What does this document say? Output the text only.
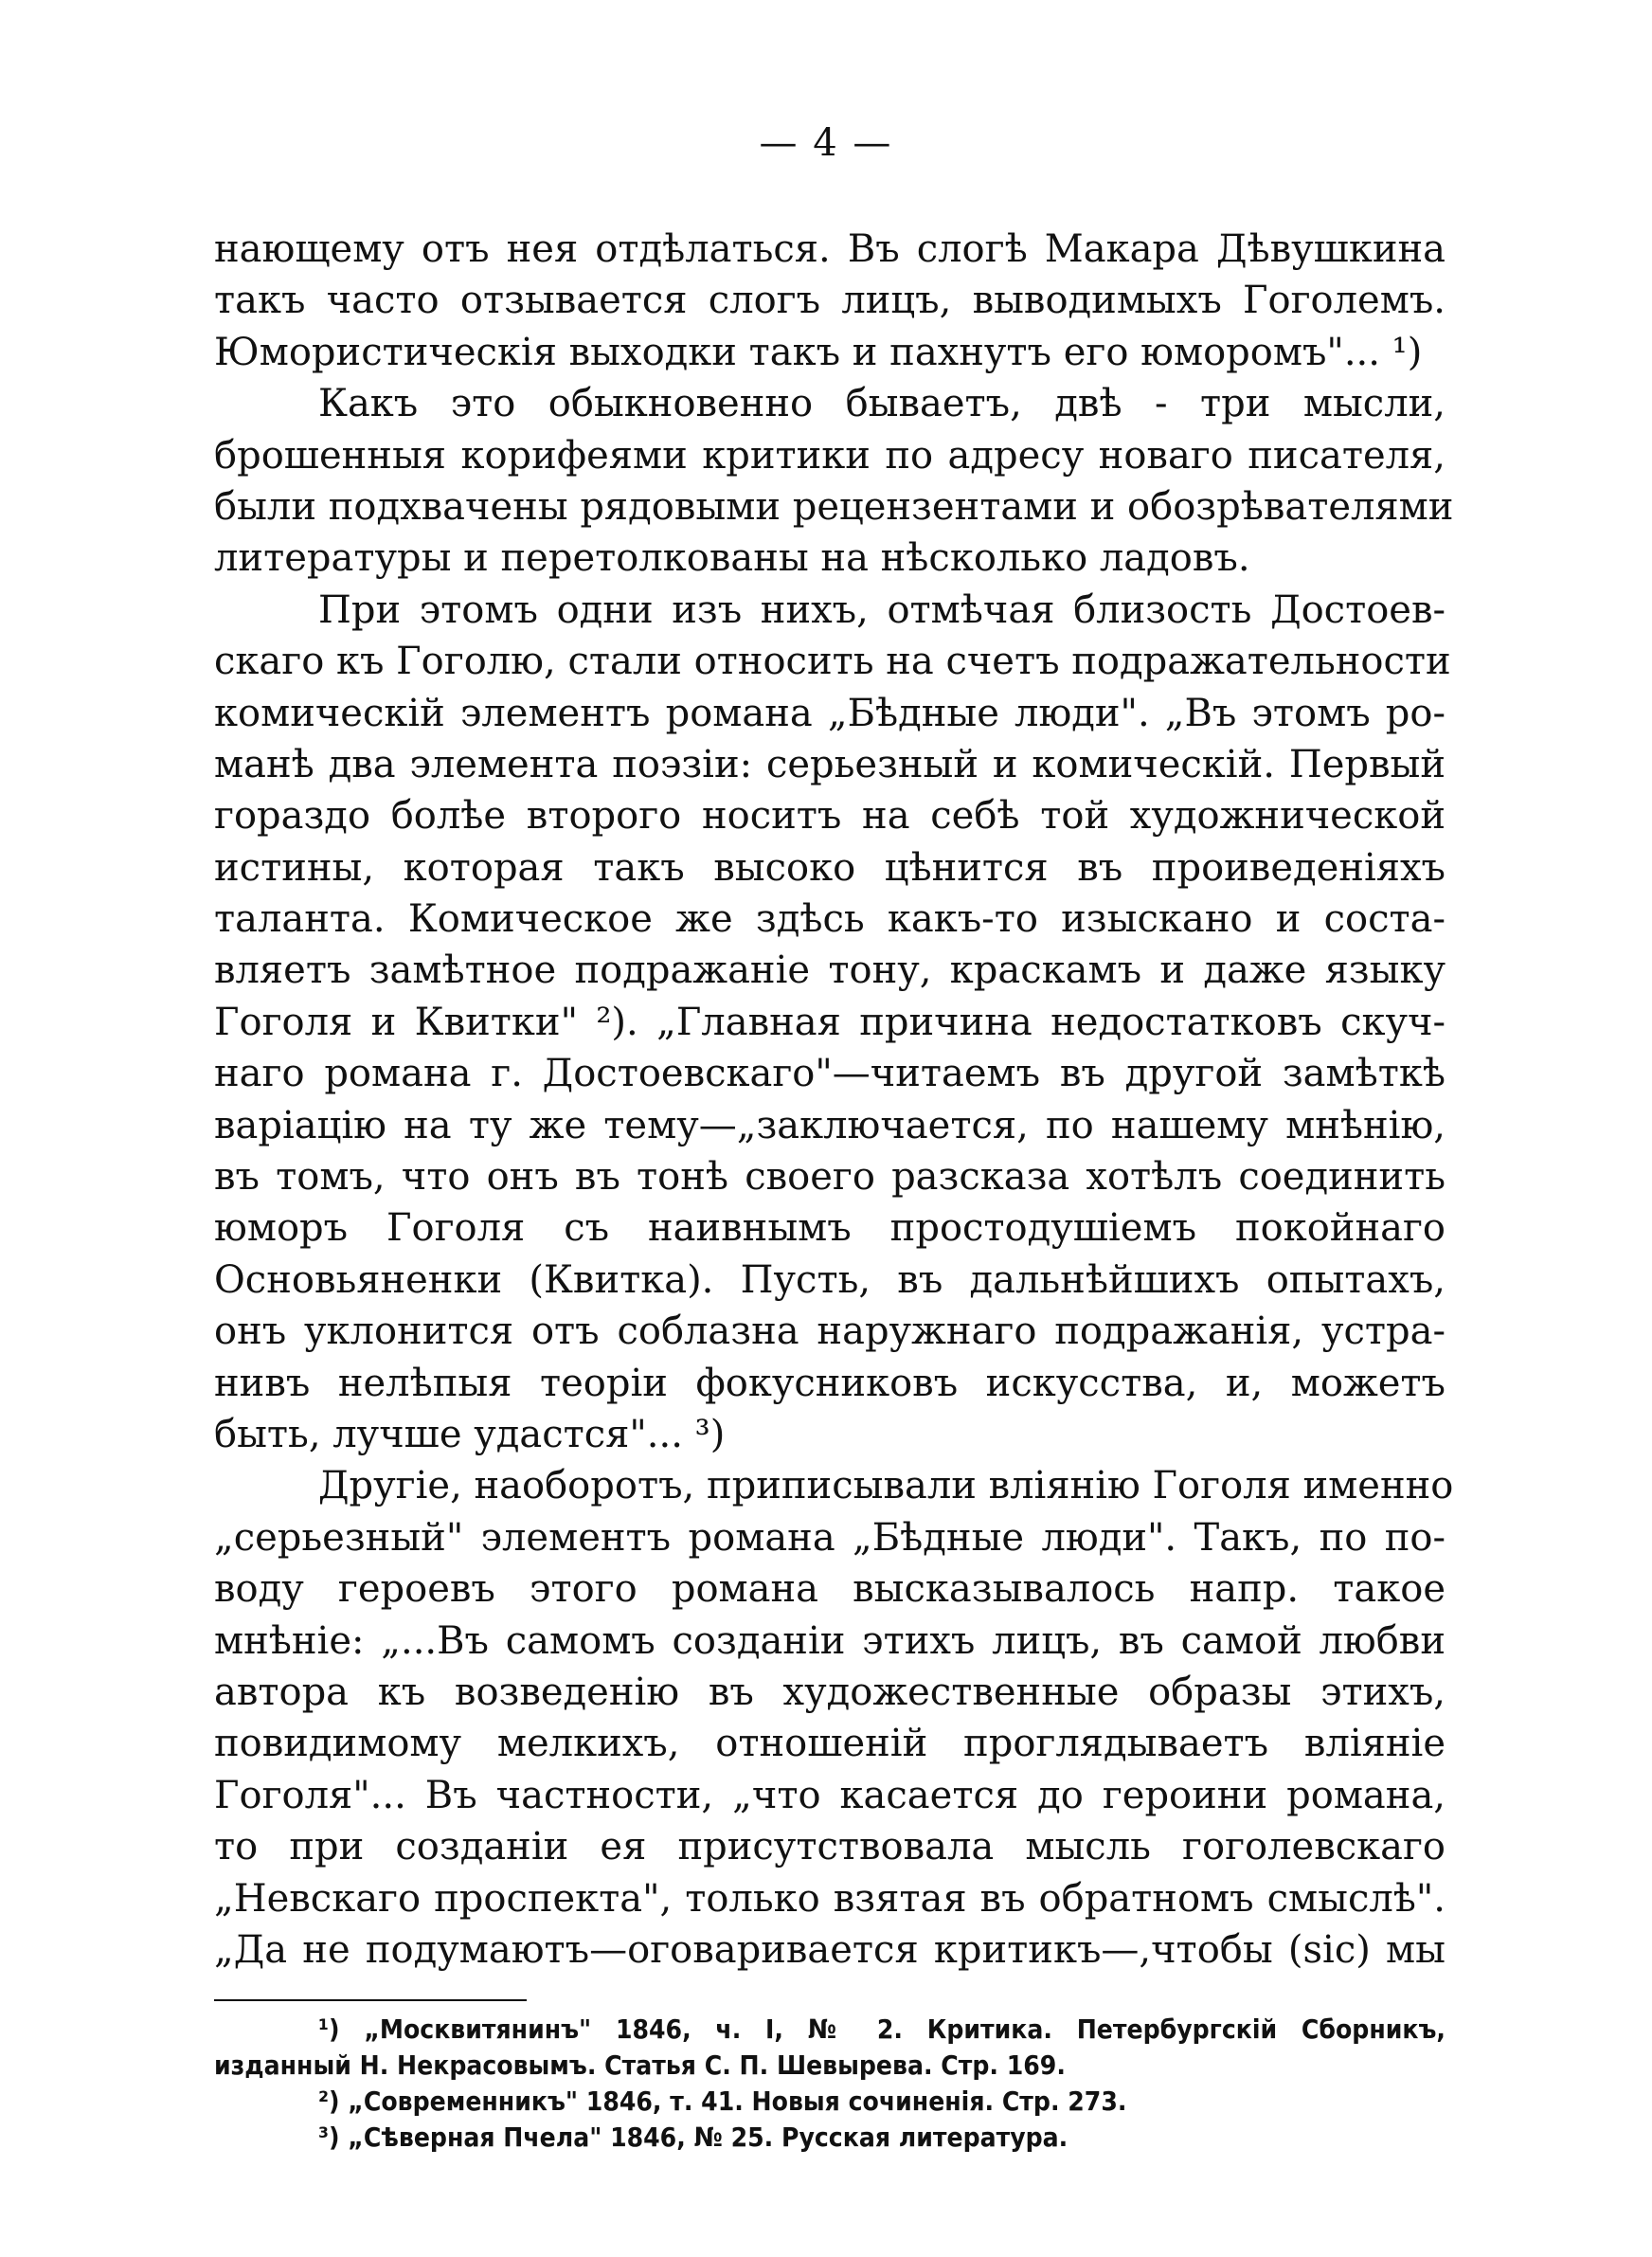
— 4 —
нающему отъ нея отдѣлаться. Въ слогѣ Макара Дѣвушкина
такъ часто отзывается слогъ лицъ, выводимыхъ Гоголемъ.
Юмористическія выходки такъ и пахнутъ его юморомъ"... ¹)
Какъ это обыкновенно бываетъ, двѣ - три мысли,
брошенныя корифеями критики по адресу новаго писателя,
были подхвачены рядовыми рецензентами и обозрѣвателями
литературы и перетолкованы на нѣсколько ладовъ.
При этомъ одни изъ нихъ, отмѣчая близость Достоев-
скаго къ Гоголю, стали относить на счетъ подражательности
комическій элементъ романа „Бѣдные люди". „Въ этомъ ро-
манѣ два элемента поэзіи: серьезный и комическій. Первый
гораздо болѣе второго носитъ на себѣ той художнической
истины, которая такъ высоко цѣнится въ проиведеніяхъ
таланта. Комическое же здѣсь какъ-то изыскано и соста-
вляетъ замѣтное подражаніе тону, краскамъ и даже языку
Гоголя и Квитки" ²). „Главная причина недостатковъ скуч-
наго романа г. Достоевскаго"—читаемъ въ другой замѣткѣ
варіацію на ту же тему—„заключается, по нашему мнѣнію,
въ томъ, что онъ въ тонѣ своего разсказа хотѣлъ соединить
юморъ Гоголя съ наивнымъ простодушіемъ покойнаго
Основьяненки (Квитка). Пусть, въ дальнѣйшихъ опытахъ,
онъ уклонится отъ соблазна наружнаго подражанія, устра-
нивъ нелѣпыя теоріи фокусниковъ искусства, и, можетъ
быть, лучше удастся"... ³)
Другіе, наоборотъ, приписывали вліянію Гоголя именно
„серьезный" элементъ романа „Бѣдные люди". Такъ, по по-
воду героевъ этого романа высказывалось напр. такое
мнѣніе: „...Въ самомъ созданіи этихъ лицъ, въ самой любви
автора къ возведенію въ художественные образы этихъ,
повидимому мелкихъ, отношеній проглядываетъ вліяніе
Гоголя"... Въ частности, „что касается до героини романа,
то при созданіи ея присутствовала мысль гоголевскаго
„Невскаго проспекта", только взятая въ обратномъ смыслѣ".
„Да не подумаютъ—оговаривается критикъ—,чтобы (sic) мы
¹) „Москвитянинъ" 1846, ч. I, № 2. Критика. Петербургскій Сборникъ,
изданный Н. Некрасовымъ. Статья С. П. Шевырева. Стр. 169.
²) „Современникъ" 1846, т. 41. Новыя сочиненія. Стр. 273.
³) „Сѣверная Пчела" 1846, № 25. Русская литература.
